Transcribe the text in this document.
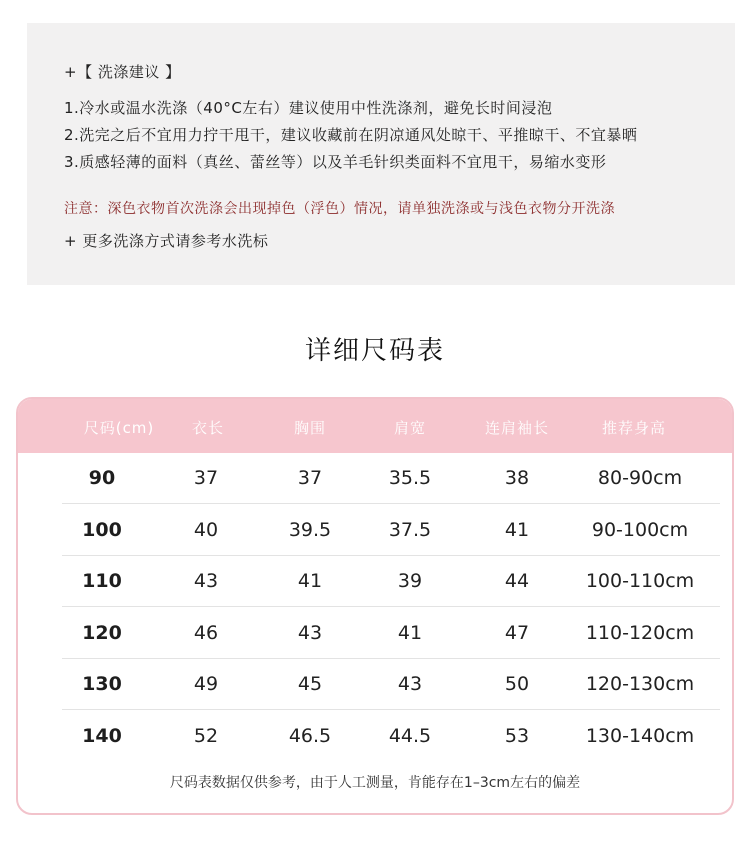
+【 洗涤建议 】
1.冷水或温水洗涤（40°C左右）建议使用中性洗涤剂，避免长时间浸泡
2.洗完之后不宜用力拧干甩干，建议收藏前在阴凉通风处晾干、平推晾干、不宜暴晒
3.质感轻薄的面料（真丝、蕾丝等）以及羊毛针织类面料不宜甩干，易缩水变形
注意：深色衣物首次洗涤会出现掉色（浮色）情况，请单独洗涤或与浅色衣物分开洗涤
+ 更多洗涤方式请参考水洗标
详细尺码表
尺码(cm)	衣长	胸围	肩宽	连肩袖长	推荐身高
90	37	37	35.5	38	80-90cm
100	40	39.5	37.5	41	90-100cm
110	43	41	39	44	100-110cm
120	46	43	41	47	110-120cm
130	49	45	43	50	120-130cm
140	52	46.5	44.5	53	130-140cm
尺码表数据仅供参考，由于人工测量，肯能存在1–3cm左右的偏差
